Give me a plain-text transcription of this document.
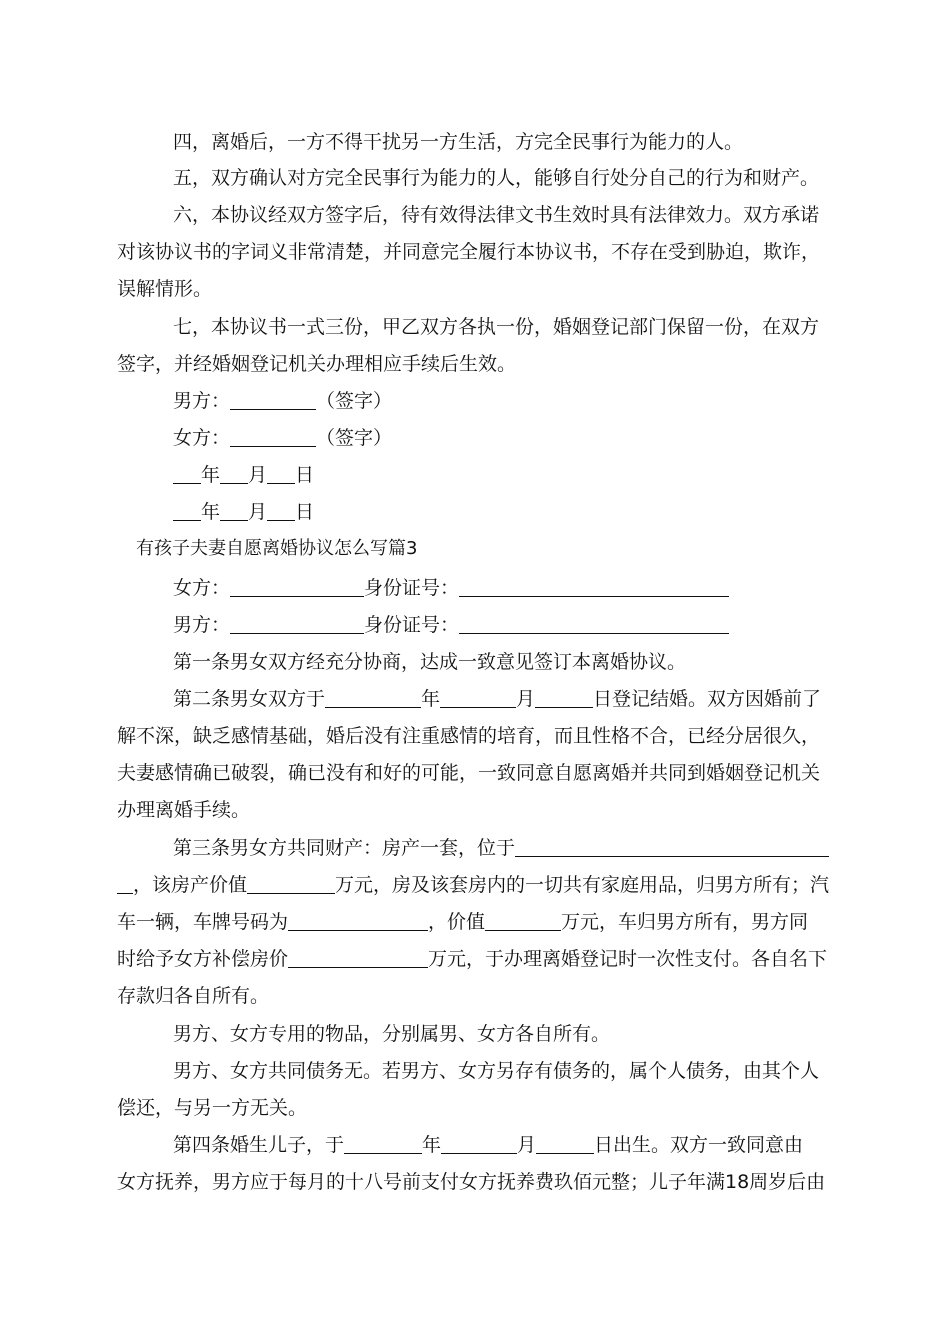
四，离婚后，一方不得干扰另一方生活，方完全民事行为能力的人。

五，双方确认对方完全民事行为能力的人，能够自行处分自己的行为和财产。

六，本协议经双方签字后，待有效得法律文书生效时具有法律效力。双方承诺
对该协议书的字词义非常清楚，并同意完全履行本协议书，不存在受到胁迫，欺诈，
误解情形。
七，本协议书一式三份，甲乙双方各执一份，婚姻登记部门保留一份，在双方
签字，并经婚姻登记机关办理相应手续后生效。
男方：	（签字）
女方：	（签字）
年 月 日
年 月 日
有孩子夫妻自愿离婚协议怎么写篇3
女方：	身份证号：
男方：	身份证号：

第一条男女双方经充分协商，达成一致意见签订本离婚协议。

第二条男女双方于	年	月	日登记结婚。双方因婚前了
解不深，缺乏感情基础，婚后没有注重感情的培育，而且性格不合，已经分居很久，
夫妻感情确已破裂，确已没有和好的可能，一致同意自愿离婚并共同到婚姻登记机关
办理离婚手续。
第三条男女方共同财产：房产一套，位于
，该房产价值	万元，房及该套房内的一切共有家庭用品，归男方所有；汽
车一辆，车牌号码为	，价值	万元，车归男方所有，男方同
时给予女方补偿房价	万元，于办理离婚登记时一次性支付。各自名下
存款归各自所有。

男方、女方专用的物品，分别属男、女方各自所有。

男方、女方共同债务无。若男方、女方另存有债务的，属个人债务，由其个人
偿还，与另一方无关。
第四条婚生儿子，于	年	月	日出生。双方一致同意由
女方抚养，男方应于每月的十八号前支付女方抚养费玖佰元整；儿子年满18周岁后由
